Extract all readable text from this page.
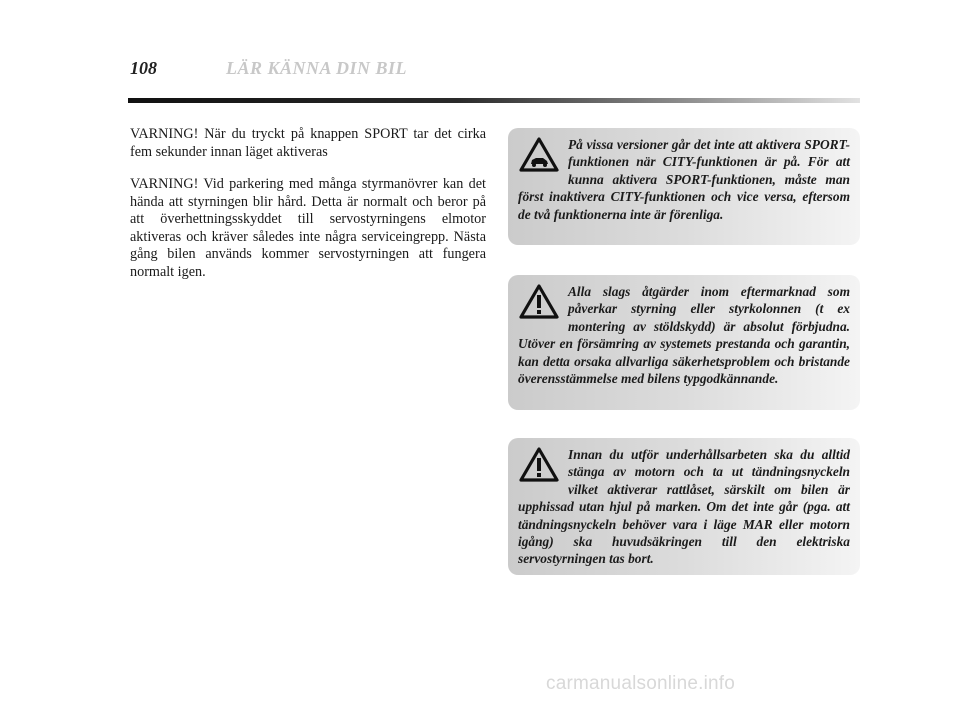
108	LÄR KÄNNA DIN BIL

VARNING! När du tryckt på knappen SPORT tar det cirka fem sekunder innan läget aktiveras

VARNING! Vid parkering med många styrmanövrer kan det hända att styrningen blir hård. Detta är normalt och beror på att överhettningsskyddet till servostyrningens elmotor aktiveras och kräver således inte några serviceingrepp. Nästa gång bilen används kommer servostyrningen att fungera normalt igen.

På vissa versioner går det inte att aktivera SPORT-funktionen när CITY-funktionen är på. För att kunna aktivera SPORT-funktionen, måste man först inaktivera CITY-funktionen och vice versa, eftersom de två funktionerna inte är förenliga.
Alla slags åtgärder inom eftermarknad som påverkar styrning eller styrkolonnen (t ex montering av stöldskydd) är absolut förbjudna. Utöver en försämring av systemets prestanda och garantin, kan detta orsaka allvarliga säkerhetsproblem och bristande överensstämmelse med bilens typgodkännande.
Innan du utför underhållsarbeten ska du alltid stänga av motorn och ta ut tändningsnyckeln vilket aktiverar rattlåset, särskilt om bilen är upphissad utan hjul på marken. Om det inte går (pga. att tändningsnyckeln behöver vara i läge MAR eller motorn igång) ska huvudsäkringen till den elektriska servostyrningen tas bort.
carmanualsonline.info
